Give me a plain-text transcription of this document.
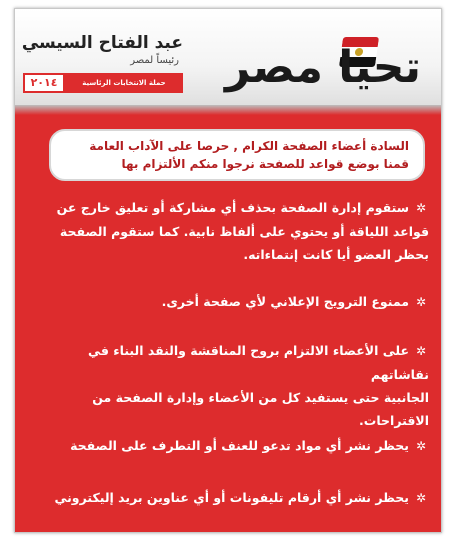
تحيا مصر
عبد الفتاح السيسي
رئيساً لمصر
٢٠١٤	حملة الانتخابات الرئاسية

السادة أعضاء الصفحة الكرام , حرصا على الآداب العامة

قمنا بوضع قواعد للصفحة نرجوا منكم الألتزام بها

✲ستقوم إدارة الصفحة بحذف أي مشاركة أو تعليق خارج عن
قواعد اللياقة أو يحتوي على ألفاظ نابية. كما ستقوم الصفحة
بحظر العضو أيا كانت إنتماءاته.
✲ممنوع الترويج الإعلاني لأي صفحة أخرى.
✲على الأعضاء الالتزام بروح المناقشة والنقد البناء في نقاشاتهم
الجانبية حتى يستفيد كل من الأعضاء وإدارة الصفحة من
الاقتراحات.
✲يحظر نشر أي مواد تدعو للعنف أو التطرف على الصفحة
✲يحظر نشر أي أرقام تليفونات أو أي عناوين بريد إليكتروني
